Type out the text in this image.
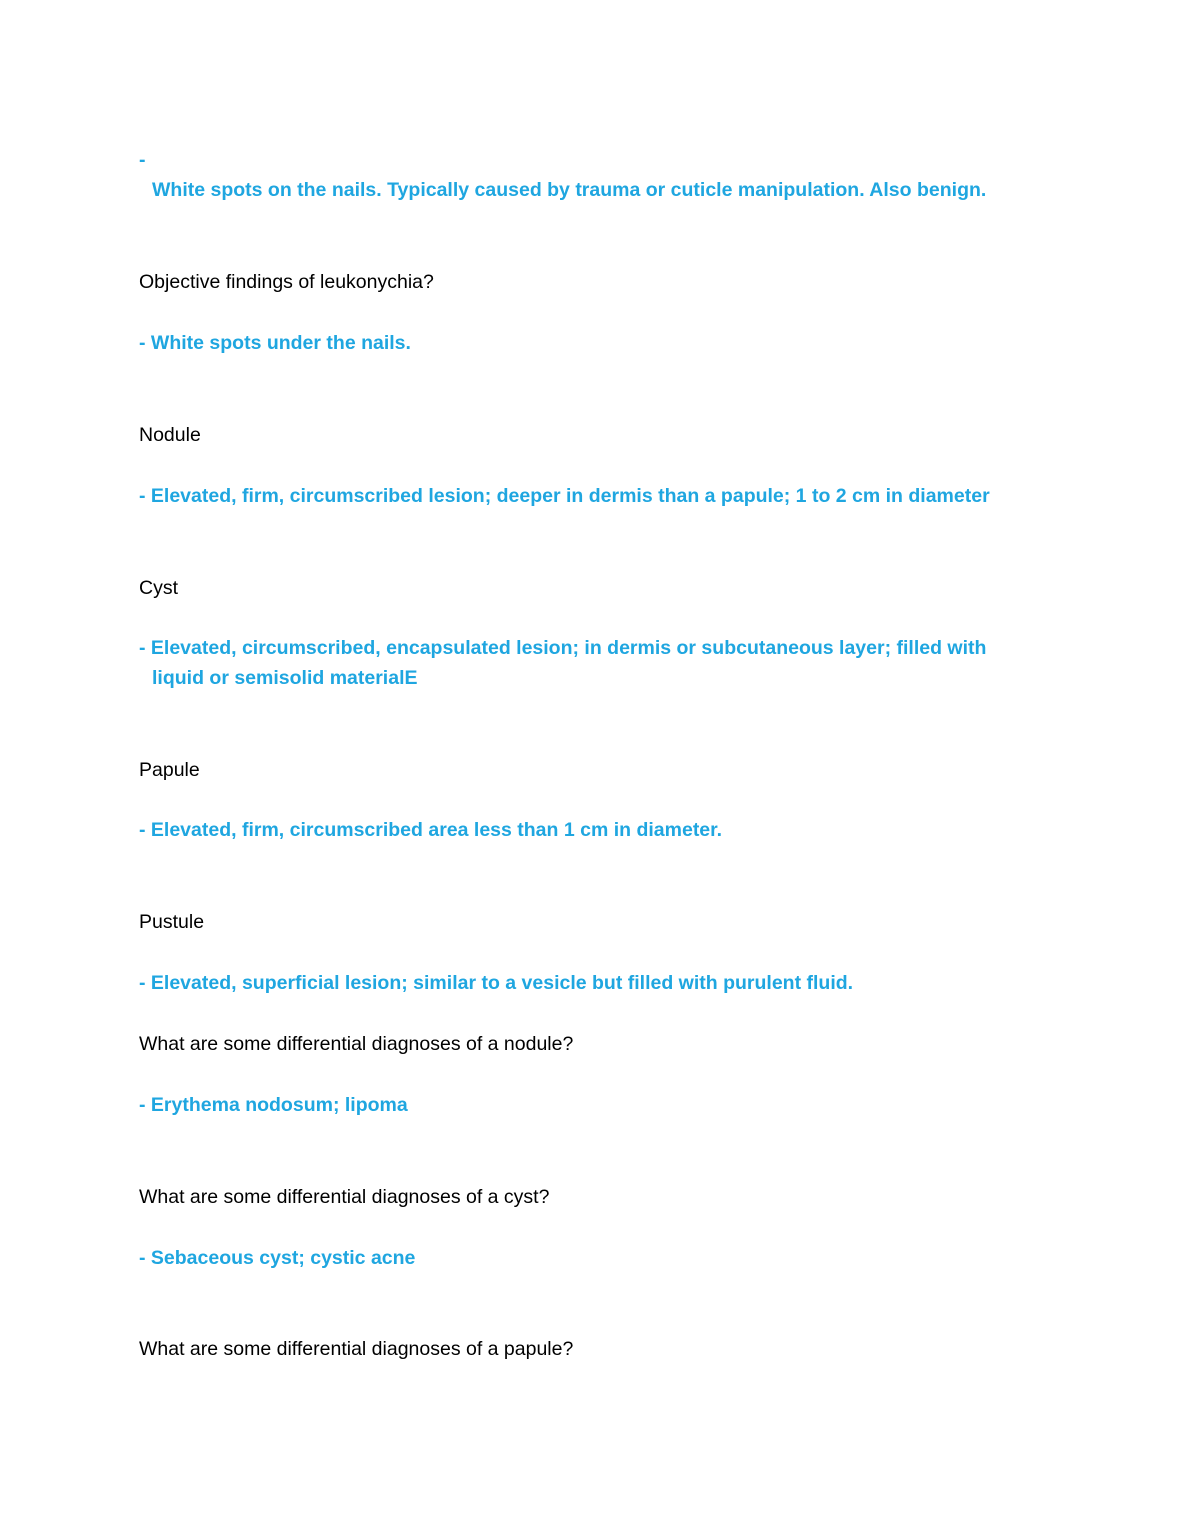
-
White spots on the nails. Typically caused by trauma or cuticle manipulation. Also benign.
Objective findings of leukonychia?
- White spots under the nails.
Nodule
- Elevated, firm, circumscribed lesion; deeper in dermis than a papule; 1 to 2 cm in diameter
Cyst
- Elevated, circumscribed, encapsulated lesion; in dermis or subcutaneous layer; filled with
liquid or semisolid materialE
Papule
- Elevated, firm, circumscribed area less than 1 cm in diameter.
Pustule
- Elevated, superficial lesion; similar to a vesicle but filled with purulent fluid.
What are some differential diagnoses of a nodule?
- Erythema nodosum; lipoma
What are some differential diagnoses of a cyst?
- Sebaceous cyst; cystic acne
What are some differential diagnoses of a papule?
